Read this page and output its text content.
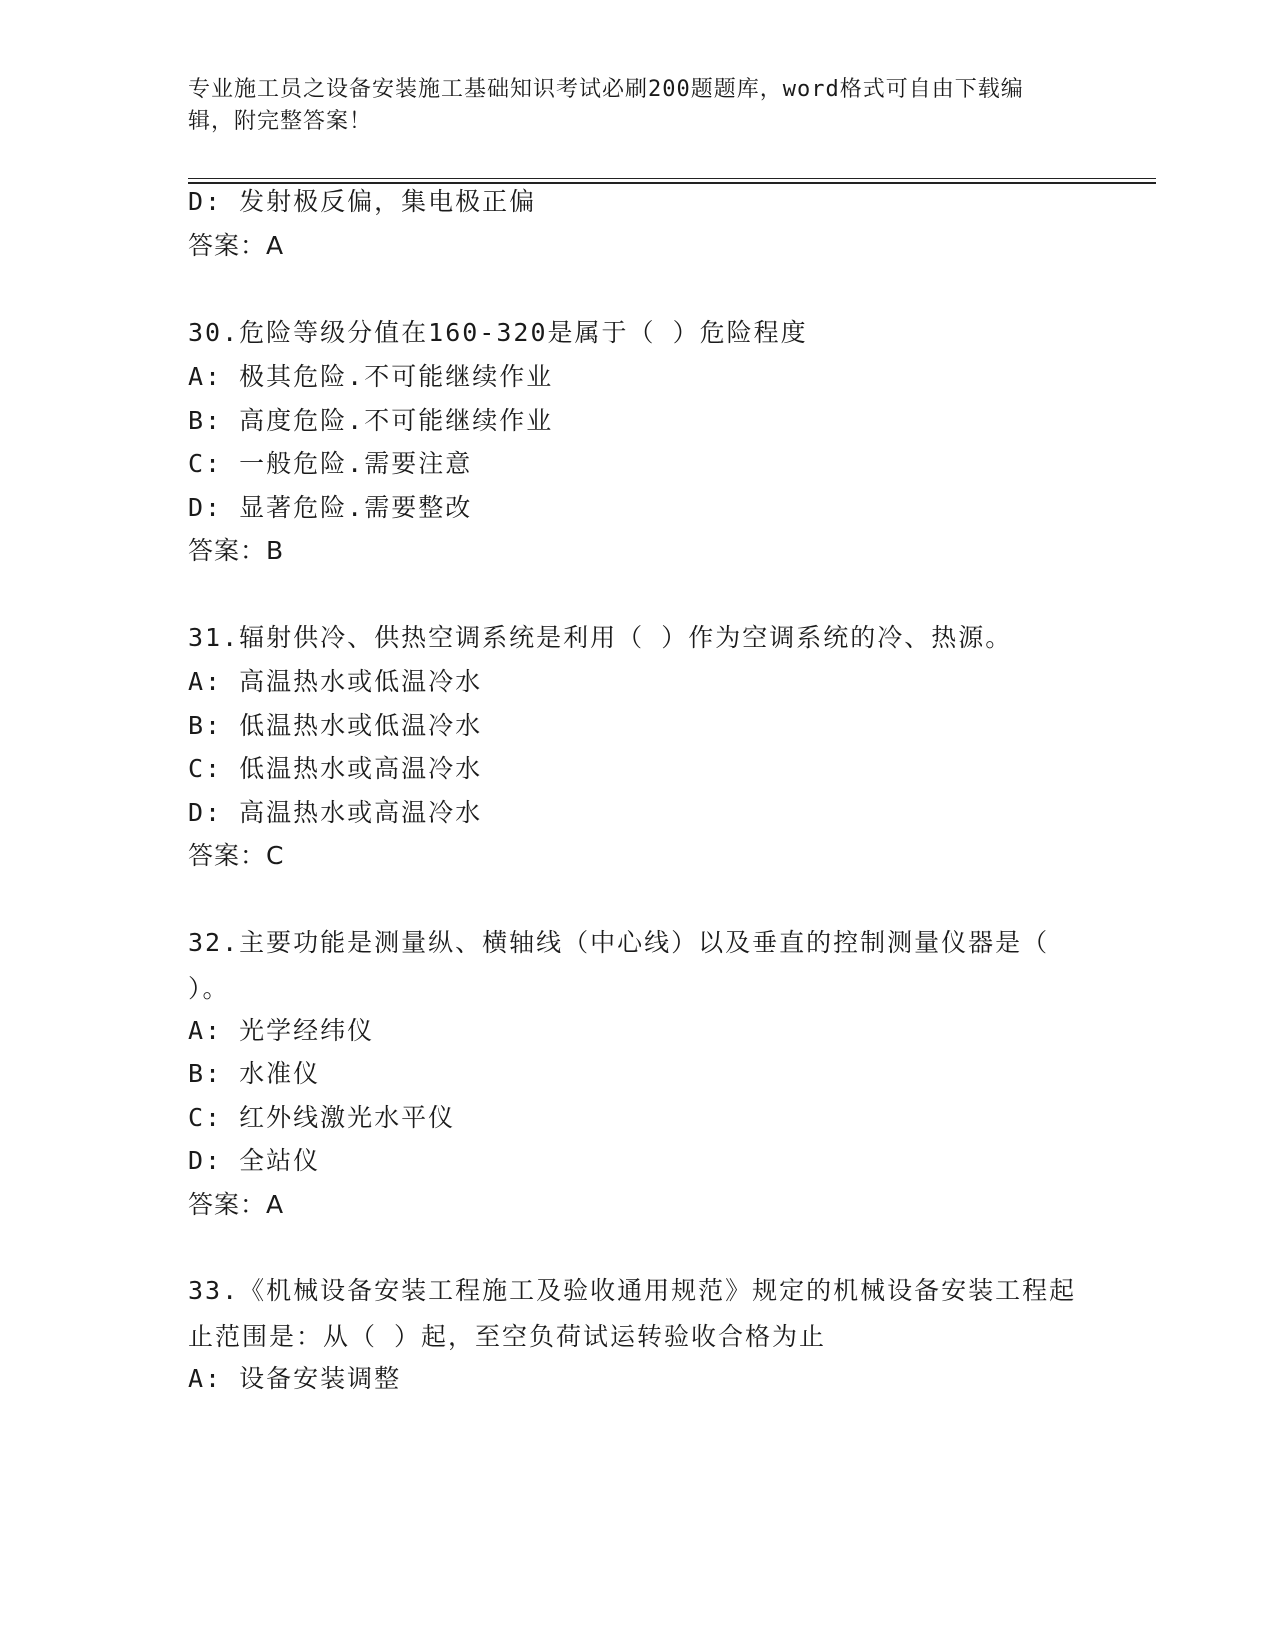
专业施工员之设备安装施工基础知识考试必刷200题题库，word格式可自由下载编辑，附完整答案！
D: 发射极反偏，集电极正偏
答案：A
30.危险等级分值在160-320是属于（ ）危险程度
A: 极其危险.不可能继续作业
B: 高度危险.不可能继续作业
C: 一般危险.需要注意
D: 显著危险.需要整改
答案：B
31.辐射供冷、供热空调系统是利用（ ）作为空调系统的冷、热源。
A: 高温热水或低温冷水
B: 低温热水或低温冷水
C: 低温热水或高温冷水
D: 高温热水或高温冷水
答案：C
32.主要功能是测量纵、横轴线（中心线）以及垂直的控制测量仪器是（ ）。
A: 光学经纬仪
B: 水准仪
C: 红外线激光水平仪
D: 全站仪
答案：A
33.《机械设备安装工程施工及验收通用规范》规定的机械设备安装工程起止范围是：从（ ）起，至空负荷试运转验收合格为止
A: 设备安装调整
